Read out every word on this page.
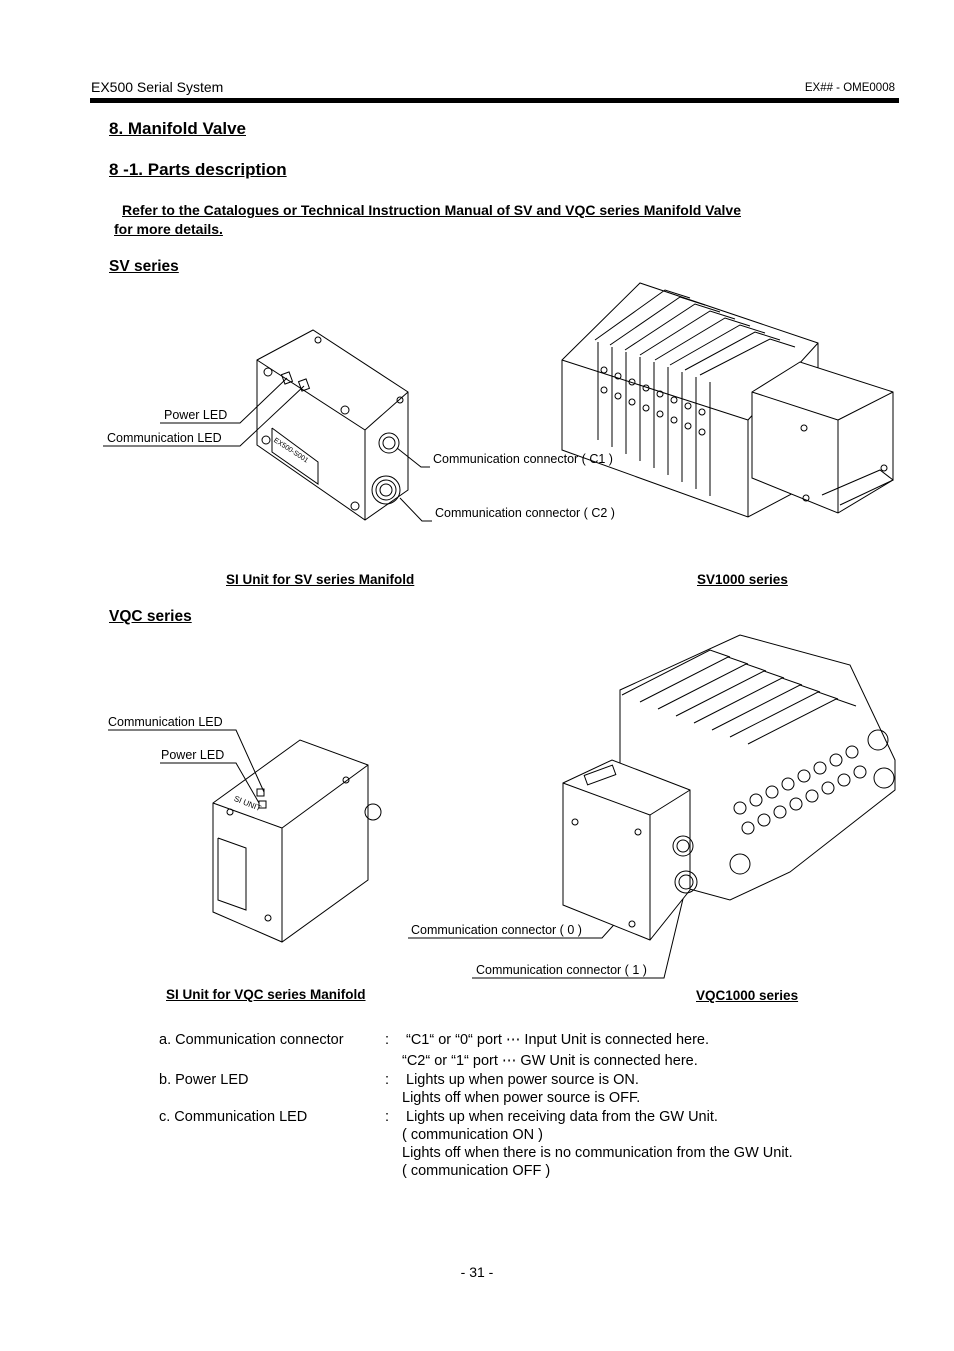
EX500 Serial System	EX## - OME0008
8. Manifold Valve
8 -1. Parts description
Refer to the Catalogues or Technical Instruction Manual of SV and VQC series Manifold Valve
for more details.
SV series
Power LED
Communication LED
Communication connector ( C1 )
Communication connector ( C2 )
EX500-S001
SI Unit for SV series Manifold	SV1000 series
VQC series
Communication LED
Power LED
Communication connector ( 0 )
Communication connector ( 1 )
SI UNIT
SI Unit for VQC series Manifold	VQC1000 series
a. Communication connector	: “C1“ or “0“ port ⋯ Input Unit is connected here.
“C2“ or “1“ port ⋯ GW Unit is connected here.
b. Power LED	: Lights up when power source is ON.
Lights off when power source is OFF.
c. Communication LED	: Lights up when receiving data from the GW Unit.
( communication ON )
Lights off when there is no communication from the GW Unit.
( communication OFF )
- 31 -
